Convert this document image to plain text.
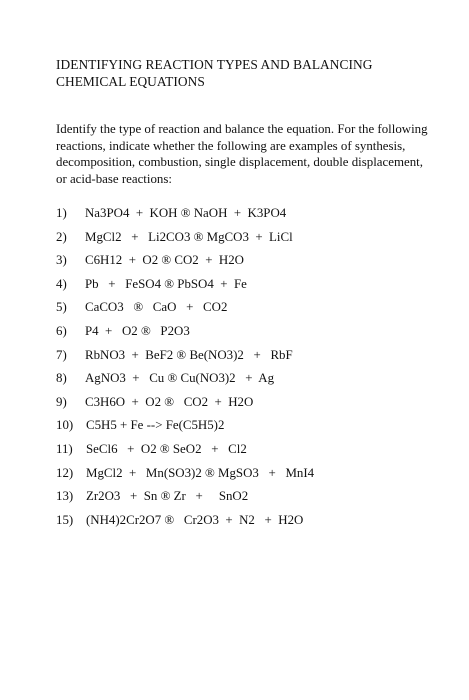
IDENTIFYING REACTION TYPES AND BALANCING
CHEMICAL EQUATIONS
Identify the type of reaction and balance the equation. For the following reactions, indicate whether the following are examples of synthesis, decomposition, combustion, single displacement, double displacement, or acid-base reactions:

1)

Na3PO4  +  KOH ® NaOH  +  K3PO4

2)

MgCl2   +   Li2CO3 ® MgCO3  +  LiCl

3)

C6H12  +  O2 ® CO2  +  H2O

4)

Pb   +   FeSO4 ® PbSO4  +  Fe

5)

CaCO3   ®   CaO   +   CO2

6)

P4  +   O2 ®   P2O3

7)

RbNO3  +  BeF2 ® Be(NO3)2   +   RbF

8)

AgNO3  +   Cu ® Cu(NO3)2   +  Ag

9)

C3H6O  +  O2 ®   CO2  +  H2O

10)

C5H5 + Fe --> Fe(C5H5)2

11)

SeCl6   +  O2 ® SeO2   +   Cl2

12)

MgCl2  +   Mn(SO3)2 ® MgSO3   +   MnI4

13)

Zr2O3   +  Sn ® Zr   +     SnO2

15)

(NH4)2Cr2O7 ®   Cr2O3  +  N2   +  H2O
